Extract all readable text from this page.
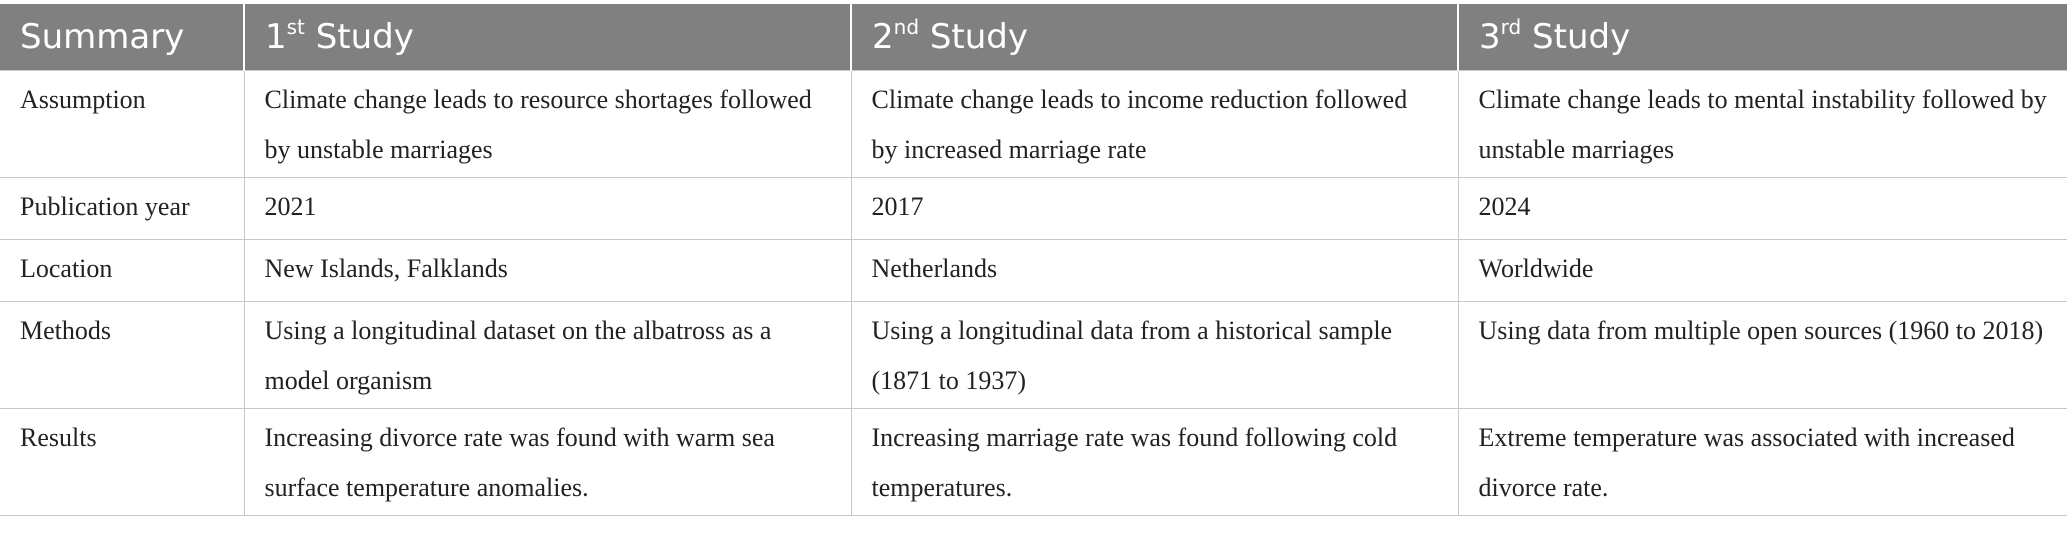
Summary	1st Study	2nd Study	3rd Study
Assumption	Climate change leads to resource shortages followed by unstable marriages	Climate change leads to income reduction followed by increased marriage rate	Climate change leads to mental instability followed by unstable marriages
Publication year	2021	2017	2024
Location	New Islands, Falklands	Netherlands	Worldwide
Methods	Using a longitudinal dataset on the albatross as a model organism	Using a longitudinal data from a historical sample (1871 to 1937)	Using data from multiple open sources (1960 to 2018)
Results	Increasing divorce rate was found with warm sea surface temperature anomalies.	Increasing marriage rate was found following cold temperatures.	Extreme temperature was associated with increased divorce rate.
